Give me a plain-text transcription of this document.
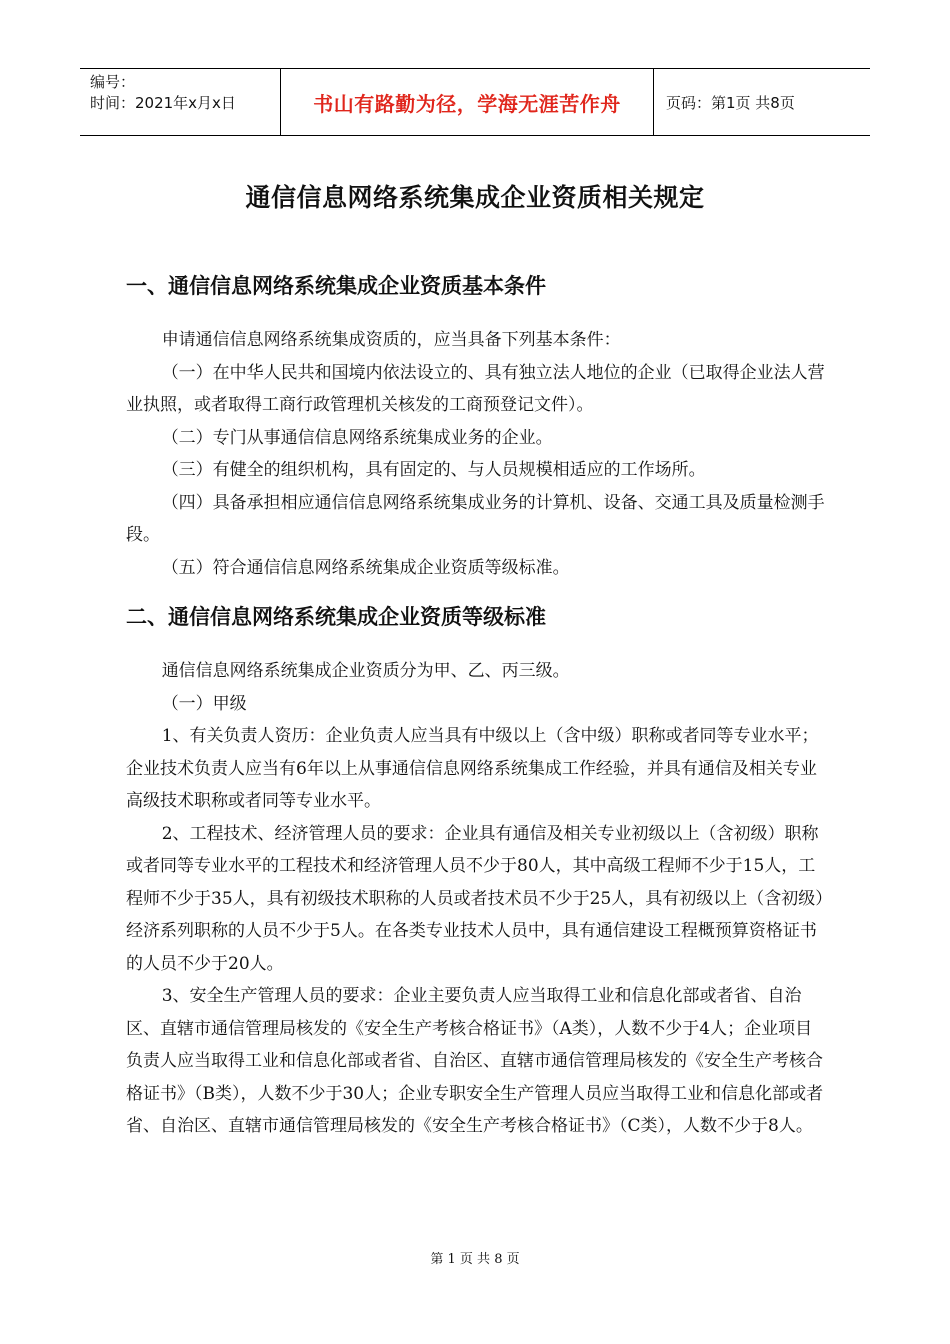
编号：
时间：2021年x月x日	书山有路勤为径，学海无涯苦作舟	页码：第1页 共8页
通信信息网络系统集成企业资质相关规定
一、通信信息网络系统集成企业资质基本条件

申请通信信息网络系统集成资质的，应当具备下列基本条件：

（一）在中华人民共和国境内依法设立的、具有独立法人地位的企业（已取得企业法人营业执照，或者取得工商行政管理机关核发的工商预登记文件）。

（二）专门从事通信信息网络系统集成业务的企业。

（三）有健全的组织机构，具有固定的、与人员规模相适应的工作场所。

（四）具备承担相应通信信息网络系统集成业务的计算机、设备、交通工具及质量检测手段。

（五）符合通信信息网络系统集成企业资质等级标准。

二、通信信息网络系统集成企业资质等级标准

通信信息网络系统集成企业资质分为甲、乙、丙三级。

（一）甲级

1、有关负责人资历：企业负责人应当具有中级以上（含中级）职称或者同等专业水平；企业技术负责人应当有6年以上从事通信信息网络系统集成工作经验，并具有通信及相关专业高级技术职称或者同等专业水平。

2、工程技术、经济管理人员的要求：企业具有通信及相关专业初级以上（含初级）职称或者同等专业水平的工程技术和经济管理人员不少于80人，其中高级工程师不少于15人，工程师不少于35人，具有初级技术职称的人员或者技术员不少于25人，具有初级以上（含初级）经济系列职称的人员不少于5人。在各类专业技术人员中，具有通信建设工程概预算资格证书的人员不少于20人。

3、安全生产管理人员的要求：企业主要负责人应当取得工业和信息化部或者省、自治区、直辖市通信管理局核发的《安全生产考核合格证书》（A类），人数不少于4人；企业项目负责人应当取得工业和信息化部或者省、自治区、直辖市通信管理局核发的《安全生产考核合格证书》（B类），人数不少于30人；企业专职安全生产管理人员应当取得工业和信息化部或者省、自治区、直辖市通信管理局核发的《安全生产考核合格证书》（C类），人数不少于8人。

第 1 页 共 8 页
